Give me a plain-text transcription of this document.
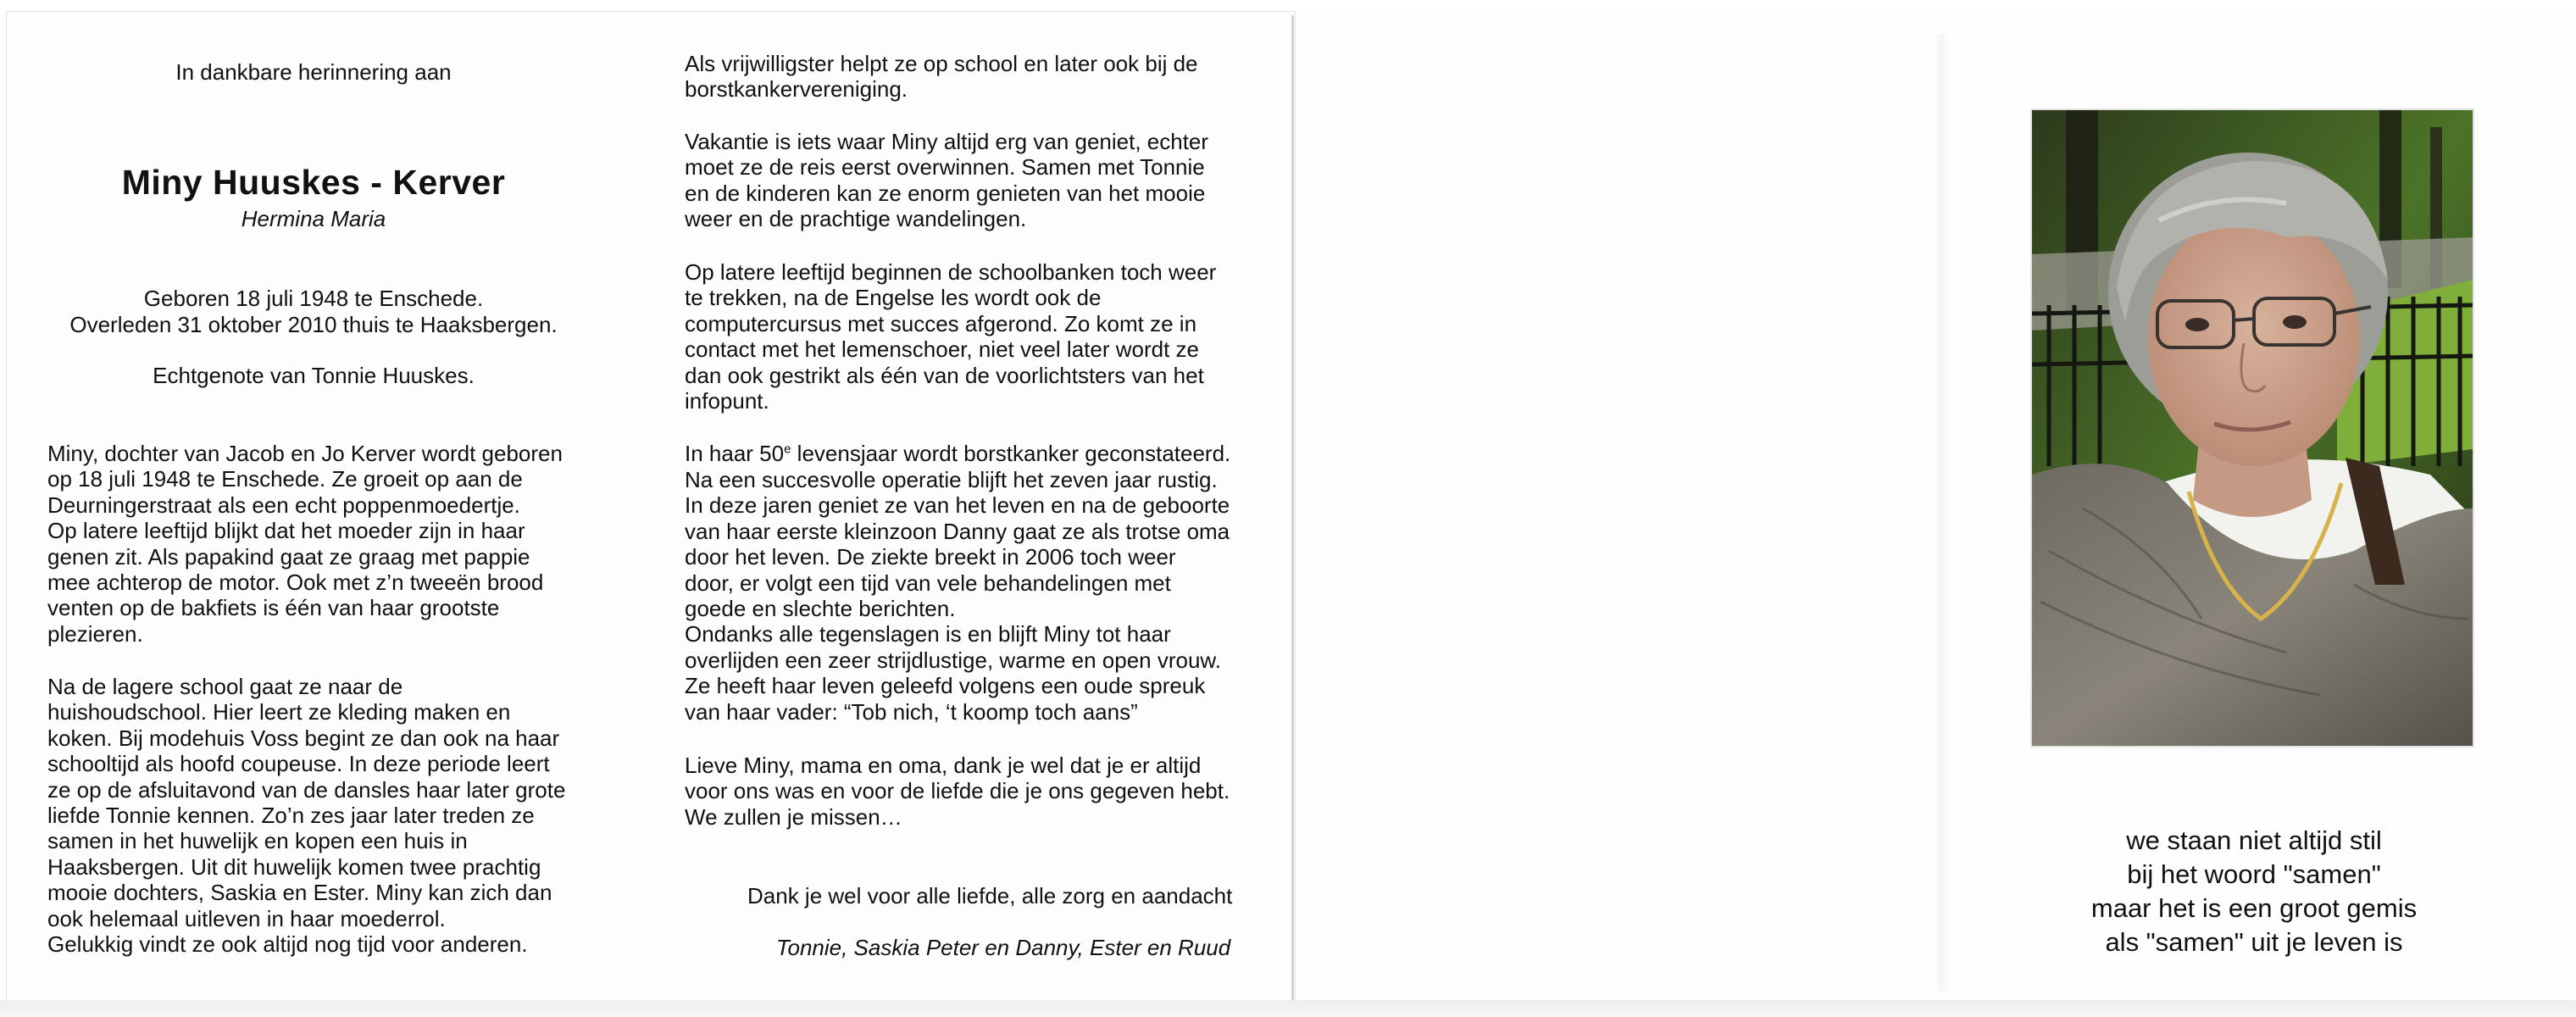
In dankbare herinnering aan
Miny Huuskes - Kerver
Hermina Maria
Geboren 18 juli 1948 te Enschede.
Overleden 31 oktober 2010 thuis te Haaksbergen.
Echtgenote van Tonnie Huuskes.
Miny, dochter van Jacob en Jo Kerver wordt geboren
op 18 juli 1948 te Enschede. Ze groeit op aan de
Deurningerstraat als een echt poppenmoedertje.
Op latere leeftijd blijkt dat het moeder zijn in haar
genen zit. Als papakind gaat ze graag met pappie
mee achterop de motor. Ook met z’n tweeën brood
venten op de bakfiets is één van haar grootste
plezieren.
Na de lagere school gaat ze naar de
huishoudschool. Hier leert ze kleding maken en
koken. Bij modehuis Voss begint ze dan ook na haar
schooltijd als hoofd coupeuse. In deze periode leert
ze op de afsluitavond van de dansles haar later grote
liefde Tonnie kennen. Zo’n zes jaar later treden ze
samen in het huwelijk en kopen een huis in
Haaksbergen. Uit dit huwelijk komen twee prachtig
mooie dochters, Saskia en Ester. Miny kan zich dan
ook helemaal uitleven in haar moederrol.
Gelukkig vindt ze ook altijd nog tijd voor anderen.
Als vrijwilligster helpt ze op school en later ook bij de
borstkankervereniging.
Vakantie is iets waar Miny altijd erg van geniet, echter
moet ze de reis eerst overwinnen. Samen met Tonnie
en de kinderen kan ze enorm genieten van het mooie
weer en de prachtige wandelingen.
Op latere leeftijd beginnen de schoolbanken toch weer
te trekken, na de Engelse les wordt ook de
computercursus met succes afgerond. Zo komt ze in
contact met het lemenschoer, niet veel later wordt ze
dan ook gestrikt als één van de voorlichtsters van het
infopunt.
In haar 50e levensjaar wordt borstkanker geconstateerd.
Na een succesvolle operatie blijft het zeven jaar rustig.
In deze jaren geniet ze van het leven en na de geboorte
van haar eerste kleinzoon Danny gaat ze als trotse oma
door het leven. De ziekte breekt in 2006 toch weer
door, er volgt een tijd van vele behandelingen met
goede en slechte berichten.
Ondanks alle tegenslagen is en blijft Miny tot haar
overlijden een zeer strijdlustige, warme en open vrouw.
Ze heeft haar leven geleefd volgens een oude spreuk
van haar vader: “Tob nich, ‘t koomp toch aans”
Lieve Miny, mama en oma, dank je wel dat je er altijd
voor ons was en voor de liefde die je ons gegeven hebt.
We zullen je missen…
Dank je wel voor alle liefde, alle zorg en aandacht
Tonnie, Saskia Peter en Danny, Ester en Ruud
we staan niet altijd stil
bij het woord "samen"
maar het is een groot gemis
als "samen" uit je leven is
